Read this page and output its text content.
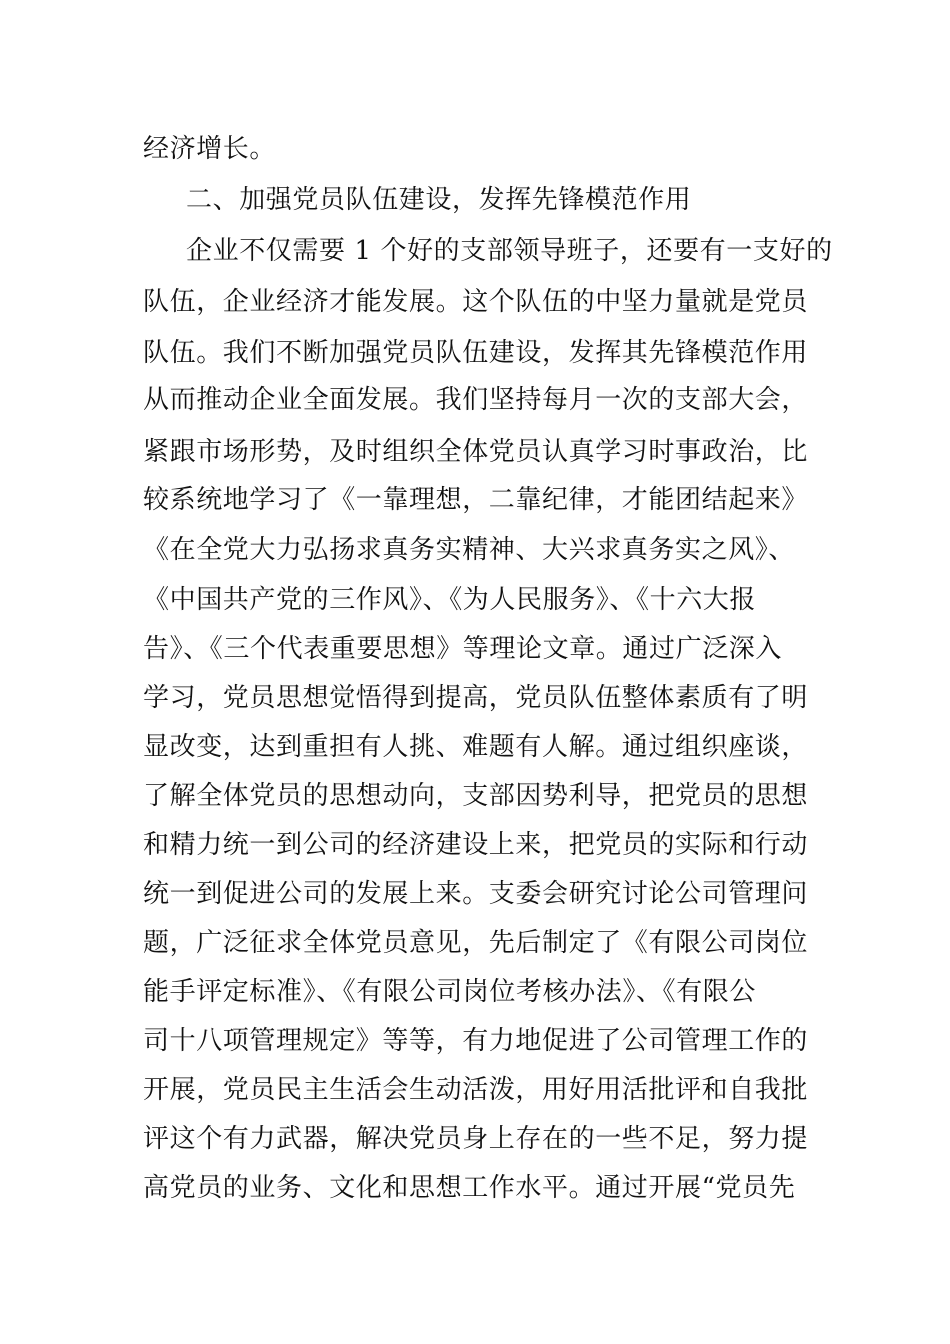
经济增长。
二、加强党员队伍建设，发挥先锋模范作用
企业不仅需要 1 个好的支部领导班子，还要有一支好的
队伍，企业经济才能发展。这个队伍的中坚力量就是党员
队伍。我们不断加强党员队伍建设，发挥其先锋模范作用
从而推动企业全面发展。我们坚持每月一次的支部大会，
紧跟市场形势，及时组织全体党员认真学习时事政治，比
较系统地学习了《一靠理想，二靠纪律，才能团结起来》
《在全党大力弘扬求真务实精神、大兴求真务实之风》、
《中国共产党的三作风》、《为人民服务》、《十六大报
告》、《三个代表重要思想》等理论文章。通过广泛深入
学习，党员思想觉悟得到提高，党员队伍整体素质有了明
显改变，达到重担有人挑、难题有人解。通过组织座谈，
了解全体党员的思想动向，支部因势利导，把党员的思想
和精力统一到公司的经济建设上来，把党员的实际和行动
统一到促进公司的发展上来。支委会研究讨论公司管理问
题，广泛征求全体党员意见，先后制定了《有限公司岗位
能手评定标准》、《有限公司岗位考核办法》、《有限公
司十八项管理规定》等等，有力地促进了公司管理工作的
开展，党员民主生活会生动活泼，用好用活批评和自我批
评这个有力武器，解决党员身上存在的一些不足，努力提
高党员的业务、文化和思想工作水平。通过开展“党员先
